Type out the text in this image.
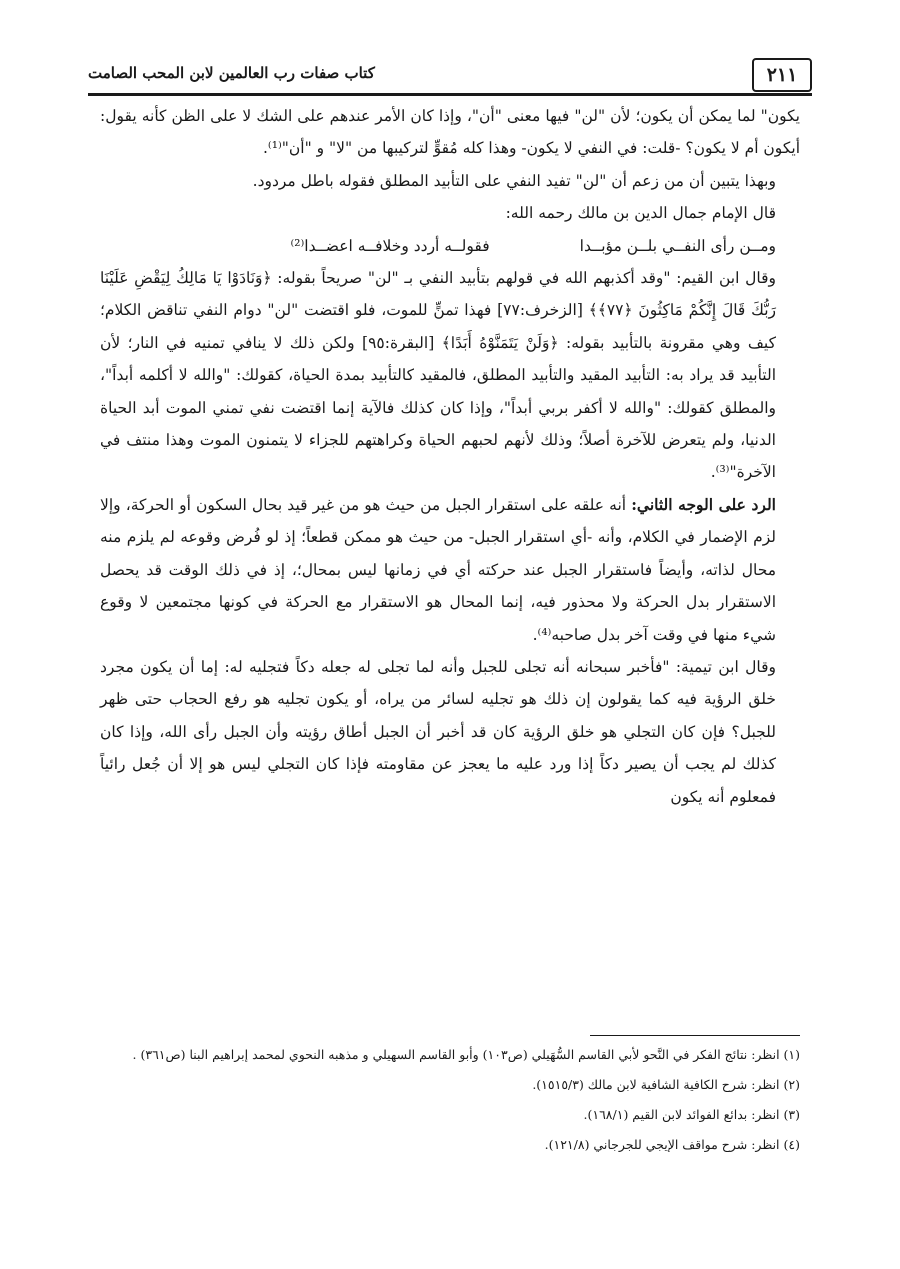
٢١١
كتاب صفات رب العالمين لابن المحب الصامت

يكون" لما يمكن أن يكون؛ لأن "لن" فيها معنى "أن"، وإذا كان الأمر عندهم على الشك لا على الظن كأنه يقول: أيكون أم لا يكون؟ -قلت: في النفي لا يكون- وهذا كله مُقوٍّ لتركيبها من "لا" و "أن"⁽¹⁾.

وبهذا يتبين أن من زعم أن "لن" تفيد النفي على التأبيد المطلق فقوله باطل مردود.

قال الإمام جمال الدين بن مالك رحمه الله:

ومــن رأى النفــي بلــن مؤبــدا
فقولــه أردد وخلافــه اعضــدا⁽²⁾

وقال ابن القيم: "وقد أكذبهم الله في قولهم بتأبيد النفي بـ "لن" صريحاً بقوله: ﴿وَنَادَوْا يَا مَالِكُ لِيَقْضِ عَلَيْنَا رَبُّكَ قَالَ إِنَّكُمْ مَاكِثُونَ ﴿٧٧﴾﴾ [الزخرف:٧٧] فهذا تمنٍّ للموت، فلو اقتضت "لن" دوام النفي تناقض الكلام؛ كيف وهي مقرونة بالتأبيد بقوله: ﴿وَلَنْ يَتَمَنَّوْهُ أَبَدًا﴾ [البقرة:٩٥] ولكن ذلك لا ينافي تمنيه في النار؛ لأن التأبيد قد يراد به: التأبيد المقيد والتأبيد المطلق، فالمقيد كالتأبيد بمدة الحياة، كقولك: "والله لا أكلمه أبداً"، والمطلق كقولك: "والله لا أكفر بربي أبداً"، وإذا كان كذلك فالآية إنما اقتضت نفي تمني الموت أبد الحياة الدنيا، ولم يتعرض للآخرة أصلاً؛ وذلك لأنهم لحبهم الحياة وكراهتهم للجزاء لا يتمنون الموت وهذا منتف في الآخرة"⁽³⁾.

الرد على الوجه الثاني: أنه علقه على استقرار الجبل من حيث هو من غير قيد بحال السكون أو الحركة، وإلا لزم الإضمار في الكلام، وأنه -أي استقرار الجبل- من حيث هو ممكن قطعاً؛ إذ لو فُرض وقوعه لم يلزم منه محال لذاته، وأيضاً فاستقرار الجبل عند حركته أي في زمانها ليس بمحال؛، إذ في ذلك الوقت قد يحصل الاستقرار بدل الحركة ولا محذور فيه، إنما المحال هو الاستقرار مع الحركة في كونها مجتمعين لا وقوع شيء منها في وقت آخر بدل صاحبه⁽⁴⁾.

وقال ابن تيمية: "فأخبر سبحانه أنه تجلى للجبل وأنه لما تجلى له جعله دكاً فتجليه له: إما أن يكون مجرد خلق الرؤية فيه كما يقولون إن ذلك هو تجليه لسائر من يراه، أو يكون تجليه هو رفع الحجاب حتى ظهر للجبل؟ فإن كان التجلي هو خلق الرؤية كان قد أخبر أن الجبل أطاق رؤيته وأن الجبل رأى الله، وإذا كان كذلك لم يجب أن يصير دكاً إذا ورد عليه ما يعجز عن مقاومته فإذا كان التجلي ليس هو إلا أن جُعل رائياً فمعلوم أنه يكون

(١) انظر: نتائج الفكر في النَّحو لأبي القاسم السُّهَيلي (ص١٠٣) وأبو القاسم السهيلي و مذهبه النحوي لمحمد إبراهيم البنا (ص٣٦١) .

(٢) انظر: شرح الكافية الشافية لابن مالك (١٥١٥/٣).

(٣) انظر: بدائع الفوائد لابن القيم (١٦٨/١).

(٤) انظر: شرح مواقف الإيجي للجرجاني (١٢١/٨).
